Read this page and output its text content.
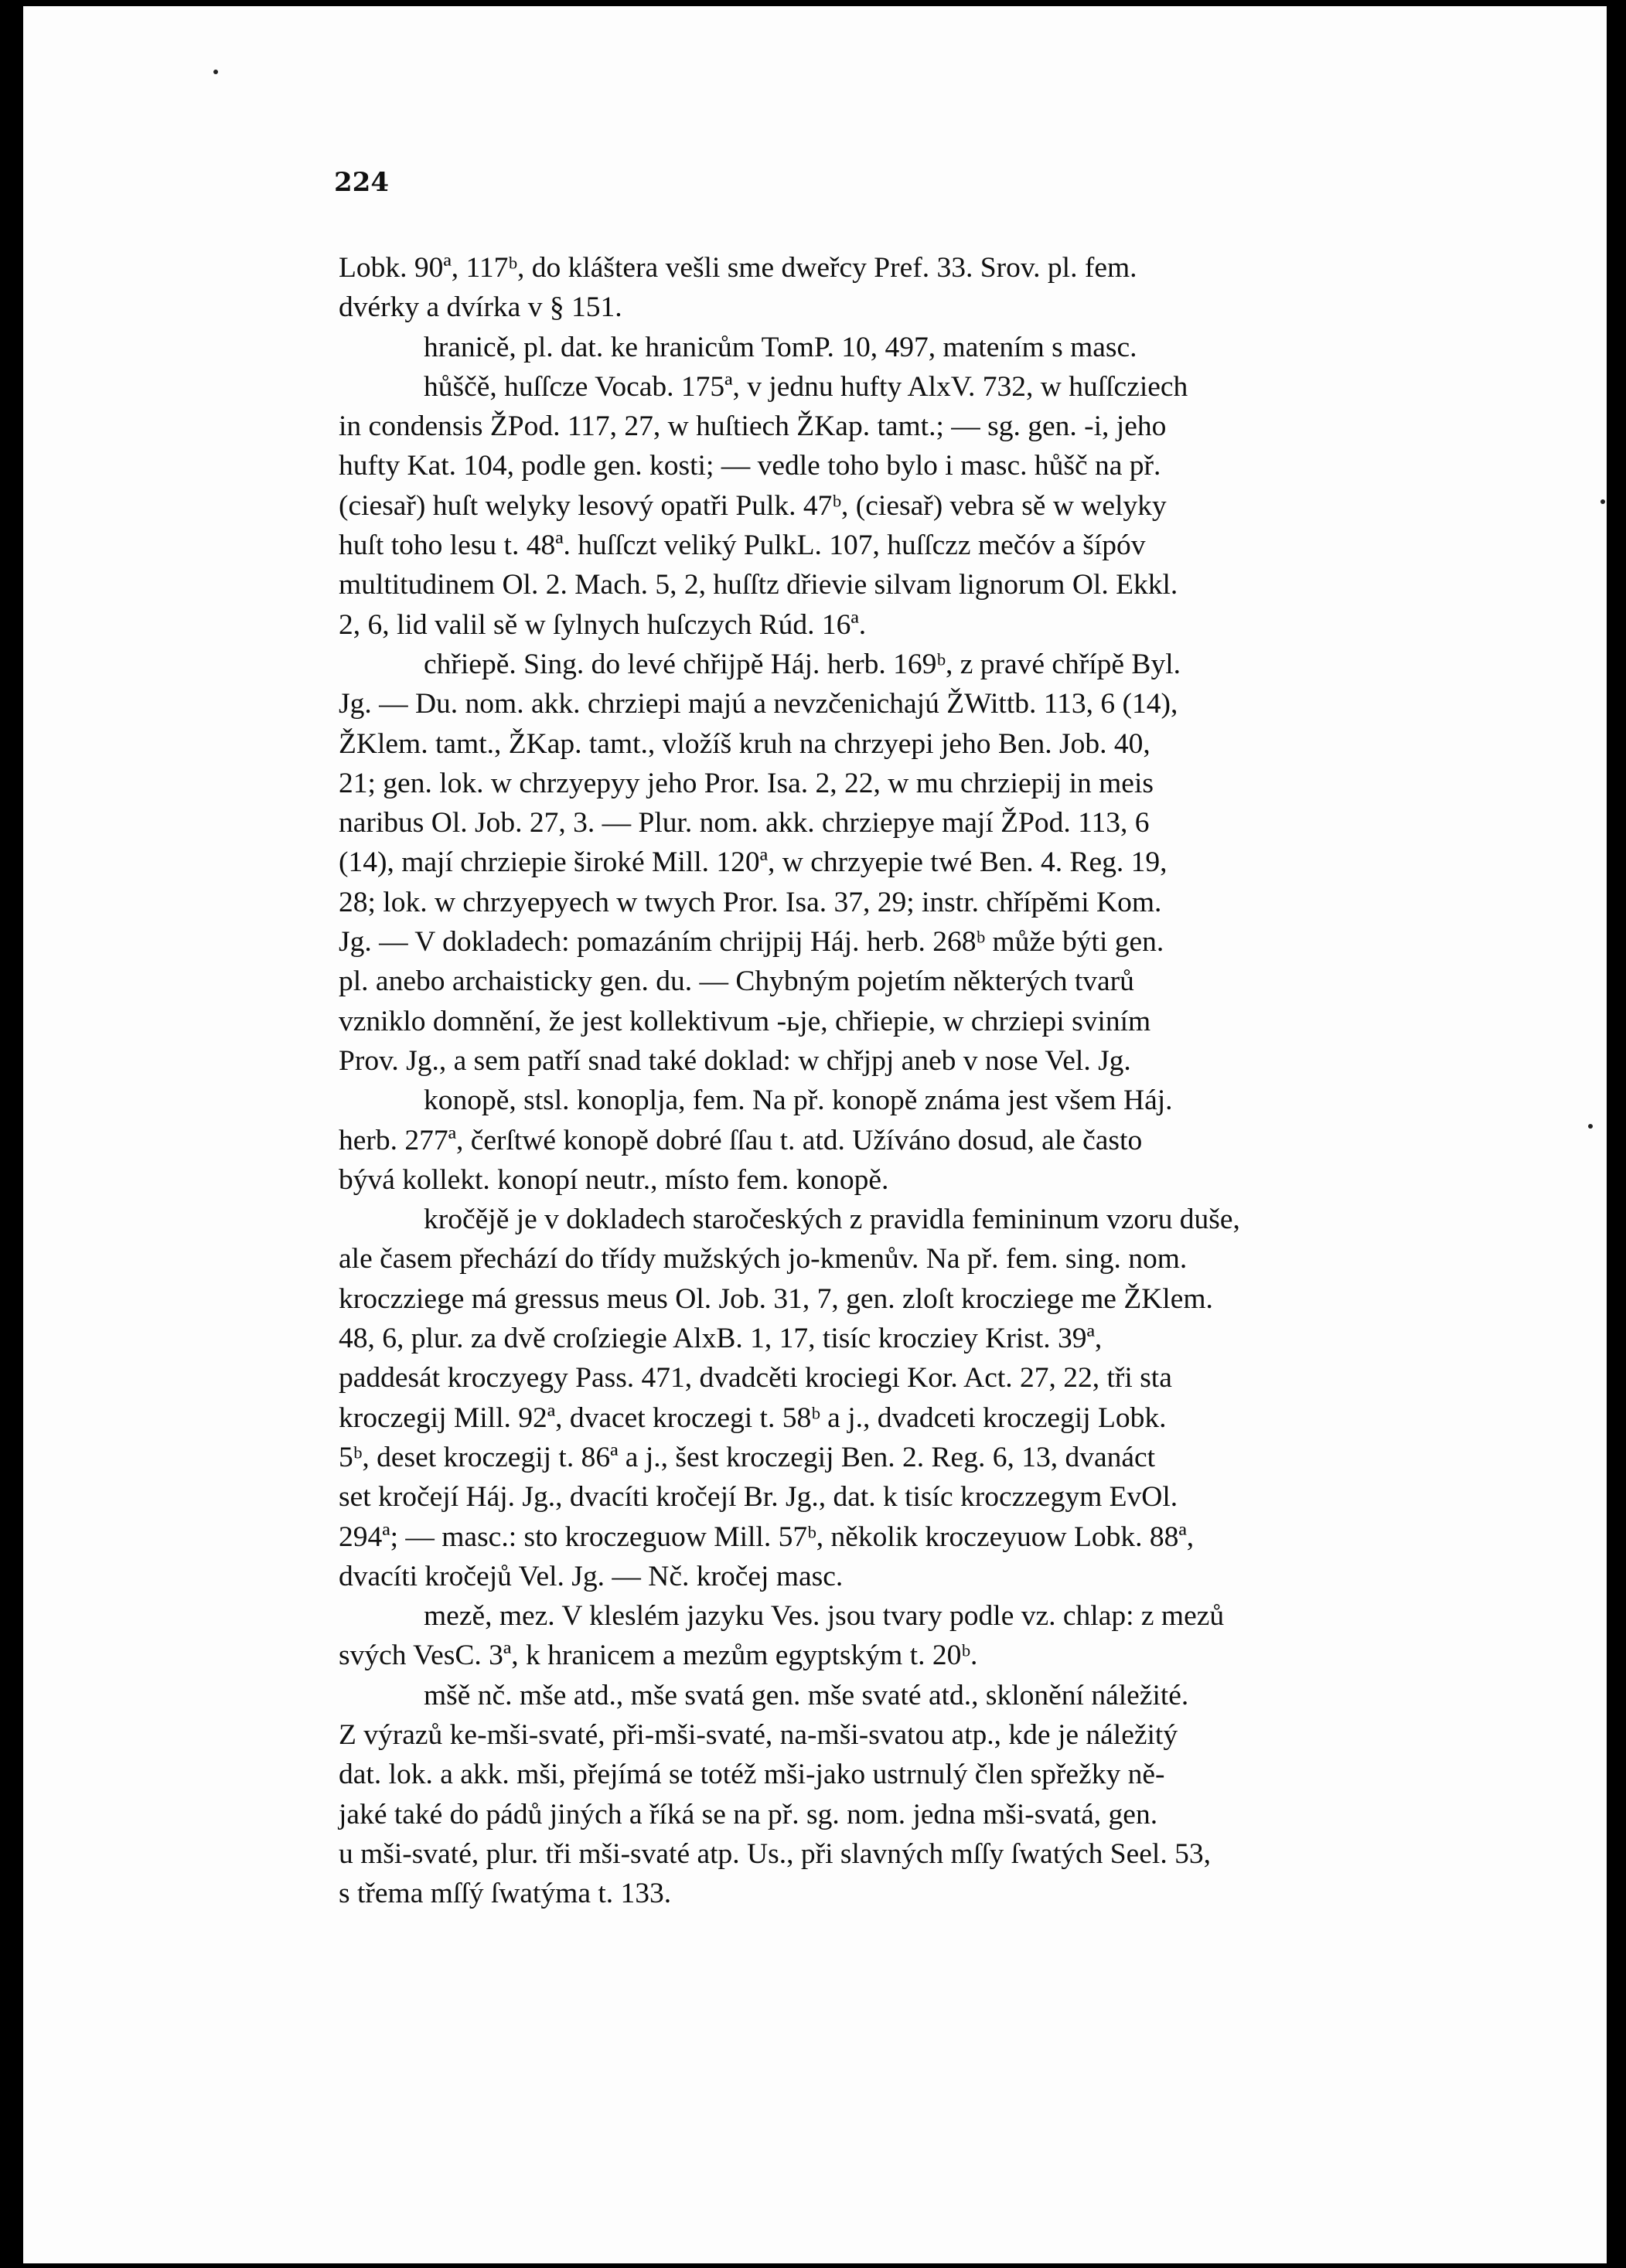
224
Lobk. 90ª, 117ᵇ, do kláštera vešli sme dweřcy Pref. 33. Srov. pl. fem.
dvérky a dvírka v § 151.
hranicě, pl. dat. ke hranicům TomP. 10, 497, matením s masc.
hůščě, huſſcze Vocab. 175ª, v jednu hufty AlxV. 732, w huſſcziech
in condensis ŽPod. 117, 27, w huſtiech ŽKap. tamt.; — sg. gen. -i, jeho
hufty Kat. 104, podle gen. kosti; — vedle toho bylo i masc. hůšč na př.
(ciesař) huſt welyky lesový opatři Pulk. 47ᵇ, (ciesař) vebra sě w welyky
huſt toho lesu t. 48ª. huſſczt veliký PulkL. 107, huſſczz mečóv a šípóv
multitudinem Ol. 2. Mach. 5, 2, huſſtz dřievie silvam lignorum Ol. Ekkl.
2, 6, lid valil sě w ſylnych huſczych Rúd. 16ª.
chřiepě. Sing. do levé chřijpě Háj. herb. 169ᵇ, z pravé chřípě Byl.
Jg. — Du. nom. akk. chrziepi majú a nevzčenichajú ŽWittb. 113, 6 (14),
ŽKlem. tamt., ŽKap. tamt., vložíš kruh na chrzyepi jeho Ben. Job. 40,
21; gen. lok. w chrzyepyy jeho Pror. Isa. 2, 22, w mu chrziepij in meis
naribus Ol. Job. 27, 3. — Plur. nom. akk. chrziepye mají ŽPod. 113, 6
(14), mají chrziepie široké Mill. 120ª, w chrzyepie twé Ben. 4. Reg. 19,
28; lok. w chrzyepyech w twych Pror. Isa. 37, 29; instr. chřípěmi Kom.
Jg. — V dokladech: pomazáním chrijpij Háj. herb. 268ᵇ může býti gen.
pl. anebo archaisticky gen. du. — Chybným pojetím některých tvarů
vzniklo domnění, že jest kollektivum -ьje, chřiepie, w chrziepi sviním
Prov. Jg., a sem patří snad také doklad: w chřjpj aneb v nose Vel. Jg.
konopě, stsl. konoplja, fem. Na př. konopě známa jest všem Háj.
herb. 277ª, čerſtwé konopě dobré ſſau t. atd. Užíváno dosud, ale často
bývá kollekt. konopí neutr., místo fem. konopě.
kročějě je v dokladech staročeských z pravidla femininum vzoru duše,
ale časem přechází do třídy mužských jo-kmenův. Na př. fem. sing. nom.
kroczziege má gressus meus Ol. Job. 31, 7, gen. zloſt krocziege me ŽKlem.
48, 6, plur. za dvě croſziegie AlxB. 1, 17, tisíc krocziey Krist. 39ª,
paddesát kroczyegy Pass. 471, dvadcěti krociegi Kor. Act. 27, 22, tři sta
kroczegij Mill. 92ª, dvacet kroczegi t. 58ᵇ a j., dvadceti kroczegij Lobk.
5ᵇ, deset kroczegij t. 86ª a j., šest kroczegij Ben. 2. Reg. 6, 13, dvanáct
set kročejí Háj. Jg., dvacíti kročejí Br. Jg., dat. k tisíc kroczzegym EvOl.
294ª; — masc.: sto kroczeguow Mill. 57ᵇ, několik kroczeyuow Lobk. 88ª,
dvacíti kročejů Vel. Jg. — Nč. kročej masc.
mezě, mez. V kleslém jazyku Ves. jsou tvary podle vz. chlap: z mezů
svých VesC. 3ª, k hranicem a mezům egyptským t. 20ᵇ.
mšě nč. mše atd., mše svatá gen. mše svaté atd., sklonění náležité.
Z výrazů ke-mši-svaté, při-mši-svaté, na-mši-svatou atp., kde je náležitý
dat. lok. a akk. mši, přejímá se totéž mši-jako ustrnulý člen spřežky ně-
jaké také do pádů jiných a říká se na př. sg. nom. jedna mši-svatá, gen.
u mši-svaté, plur. tři mši-svaté atp. Us., při slavných mſſy ſwatých Seel. 53,
s třema mſſý ſwatýma t. 133.
